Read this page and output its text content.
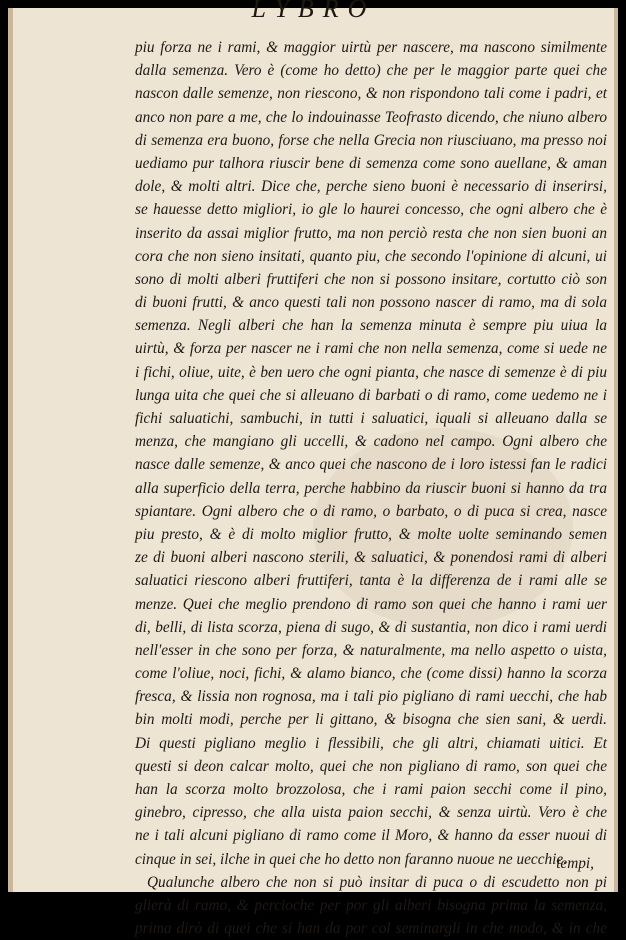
LYBRO
piu forza ne i rami, & maggior uirtù per nascere, ma nascono similmente
dalla semenza. Vero è (come ho detto) che per le maggior parte quei che
nascon dalle semenze, non riescono, & non rispondono tali come i padri, et
anco non pare a me, che lo indouinasse Teofrasto dicendo, che niuno albero
di semenza era buono, forse che nella Grecia non riusciuano, ma presso noi
uediamo pur talhora riuscir bene di semenza come sono auellane, & aman
dole, & molti altri. Dice che, perche sieno buoni è necessario di inserirsi,
se hauesse detto migliori, io gle lo haurei concesso, che ogni albero che è
inserito da assai miglior frutto, ma non perciò resta che non sien buoni an
cora che non sieno insitati, quanto piu, che secondo l'opinione di alcuni, ui
sono di molti alberi fruttiferi che non si possono insitare, cortutto ciò son
di buoni frutti, & anco questi tali non possono nascer di ramo, ma di sola
semenza. Negli alberi che han la semenza minuta è sempre piu uiua la
uirtù, & forza per nascer ne i rami che non nella semenza, come si uede ne
i fichi, oliue, uite, è ben uero che ogni pianta, che nasce di semenze è di piu
lunga uita che quei che si alleuano di barbati o di ramo, come uedemo ne i
fichi saluatichi, sambuchi, in tutti i saluatici, iquali si alleuano dalla se
menza, che mangiano gli uccelli, & cadono nel campo. Ogni albero che
nasce dalle semenze, & anco quei che nascono de i loro istessi fan le radici
alla superficio della terra, perche habbino da riuscir buoni si hanno da tra
spiantare. Ogni albero che o di ramo, o barbato, o di puca si crea, nasce
piu presto, & è di molto miglior frutto, & molte uolte seminando semen
ze di buoni alberi nascono sterili, & saluatici, & ponendosi rami di alberi
saluatici riescono alberi fruttiferi, tanta è la differenza de i rami alle se
menze. Quei che meglio prendono di ramo son quei che hanno i rami uer
di, belli, di lista scorza, piena di sugo, & di sustantia, non dico i rami uerdi
nell'esser in che sono per forza, & naturalmente, ma nello aspetto o uista,
come l'oliue, noci, fichi, & alamo bianco, che (come dissi) hanno la scorza
fresca, & lissia non rognosa, ma i tali pio pigliano di rami uecchi, che hab
bin molti modi, perche per li gittano, & bisogna che sien sani, & uerdi.
Di questi pigliano meglio i flessibili, che gli altri, chiamati uitici. Et
questi si deon calcar molto, quei che non pigliano di ramo, son quei che
han la scorza molto brozzolosa, che i rami paion secchi come il pino,
ginebro, cipresso, che alla uista paion secchi, & senza uirtù. Vero è che
ne i tali alcuni pigliano di ramo come il Moro, & hanno da esser nuoui di
cinque in sei, ilche in quei che ho detto non faranno nuoue ne uecchie.
Qualunche albero che non si può insitar di puca o di escudetto non pi
glierà di ramo, & percioche per por gli alberi bisogna prima la semenza,
prima dirò di quei che si han da por col seminargli in che modo, & in che
tempi,
